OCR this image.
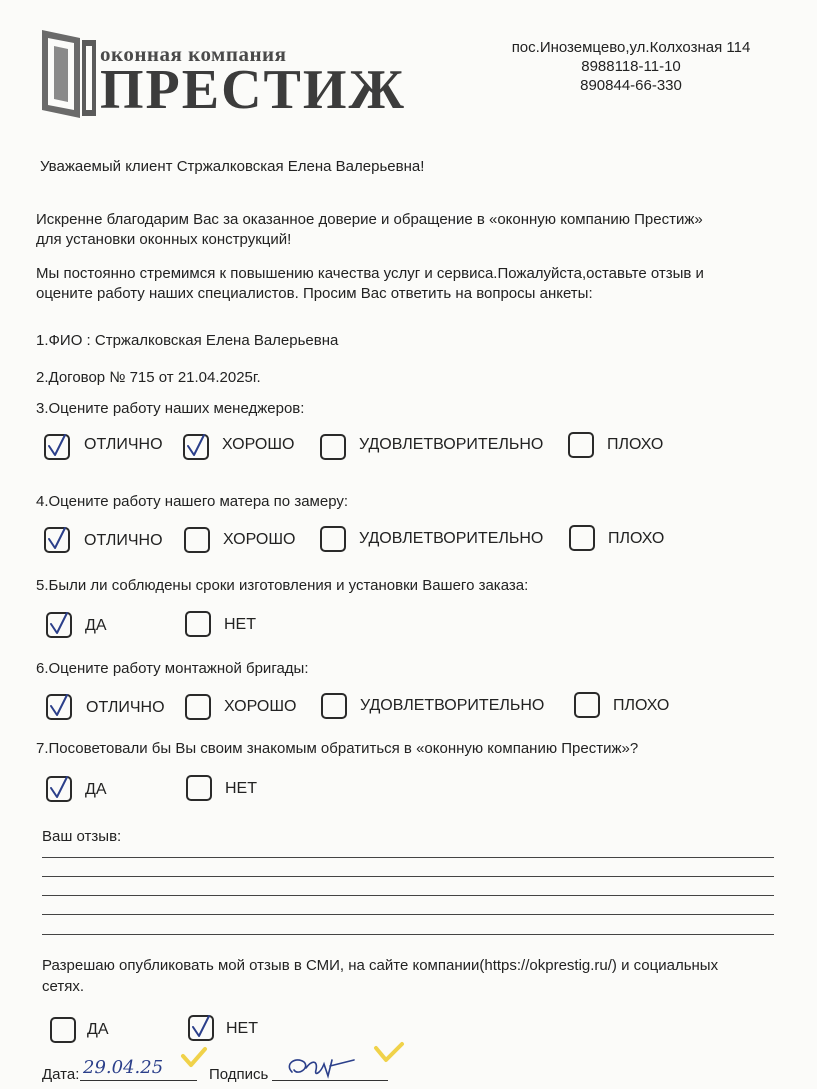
оконная компания
ПРЕСТИЖ
пос.Иноземцево,ул.Колхозная 114
8988118-11-10
890844-66-330
Уважаемый клиент Стржалковская Елена Валерьевна!
Искренне благодарим Вас за оказанное доверие и обращение в «оконную компанию Престиж»
для установки оконных конструкций!
Мы постоянно стремимся к повышению качества услуг и сервиса.Пожалуйста,оставьте отзыв и
оцените работу наших специалистов. Просим Вас ответить на вопросы анкеты:
1.ФИО : Стржалковская Елена Валерьевна
2.Договор № 715 от 21.04.2025г.
3.Оцените работу наших менеджеров:
ОТЛИЧНО	ХОРОШО	УДОВЛЕТВОРИТЕЛЬНО	ПЛОХО
4.Оцените работу нашего матера по замеру:
ОТЛИЧНО	ХОРОШО	УДОВЛЕТВОРИТЕЛЬНО	ПЛОХО
5.Были ли соблюдены сроки изготовления и установки Вашего заказа:
ДА	НЕТ
6.Оцените работу монтажной бригады:
ОТЛИЧНО	ХОРОШО	УДОВЛЕТВОРИТЕЛЬНО	ПЛОХО
7.Посоветовали бы Вы своим знакомым обратиться в «оконную компанию Престиж»?
ДА	НЕТ
Ваш отзыв:
Разрешаю опубликовать мой отзыв в СМИ, на сайте компании(https://okprestig.ru/) и социальных
сетях.
ДА	НЕТ
Дата: 29.04.25	Подпись
